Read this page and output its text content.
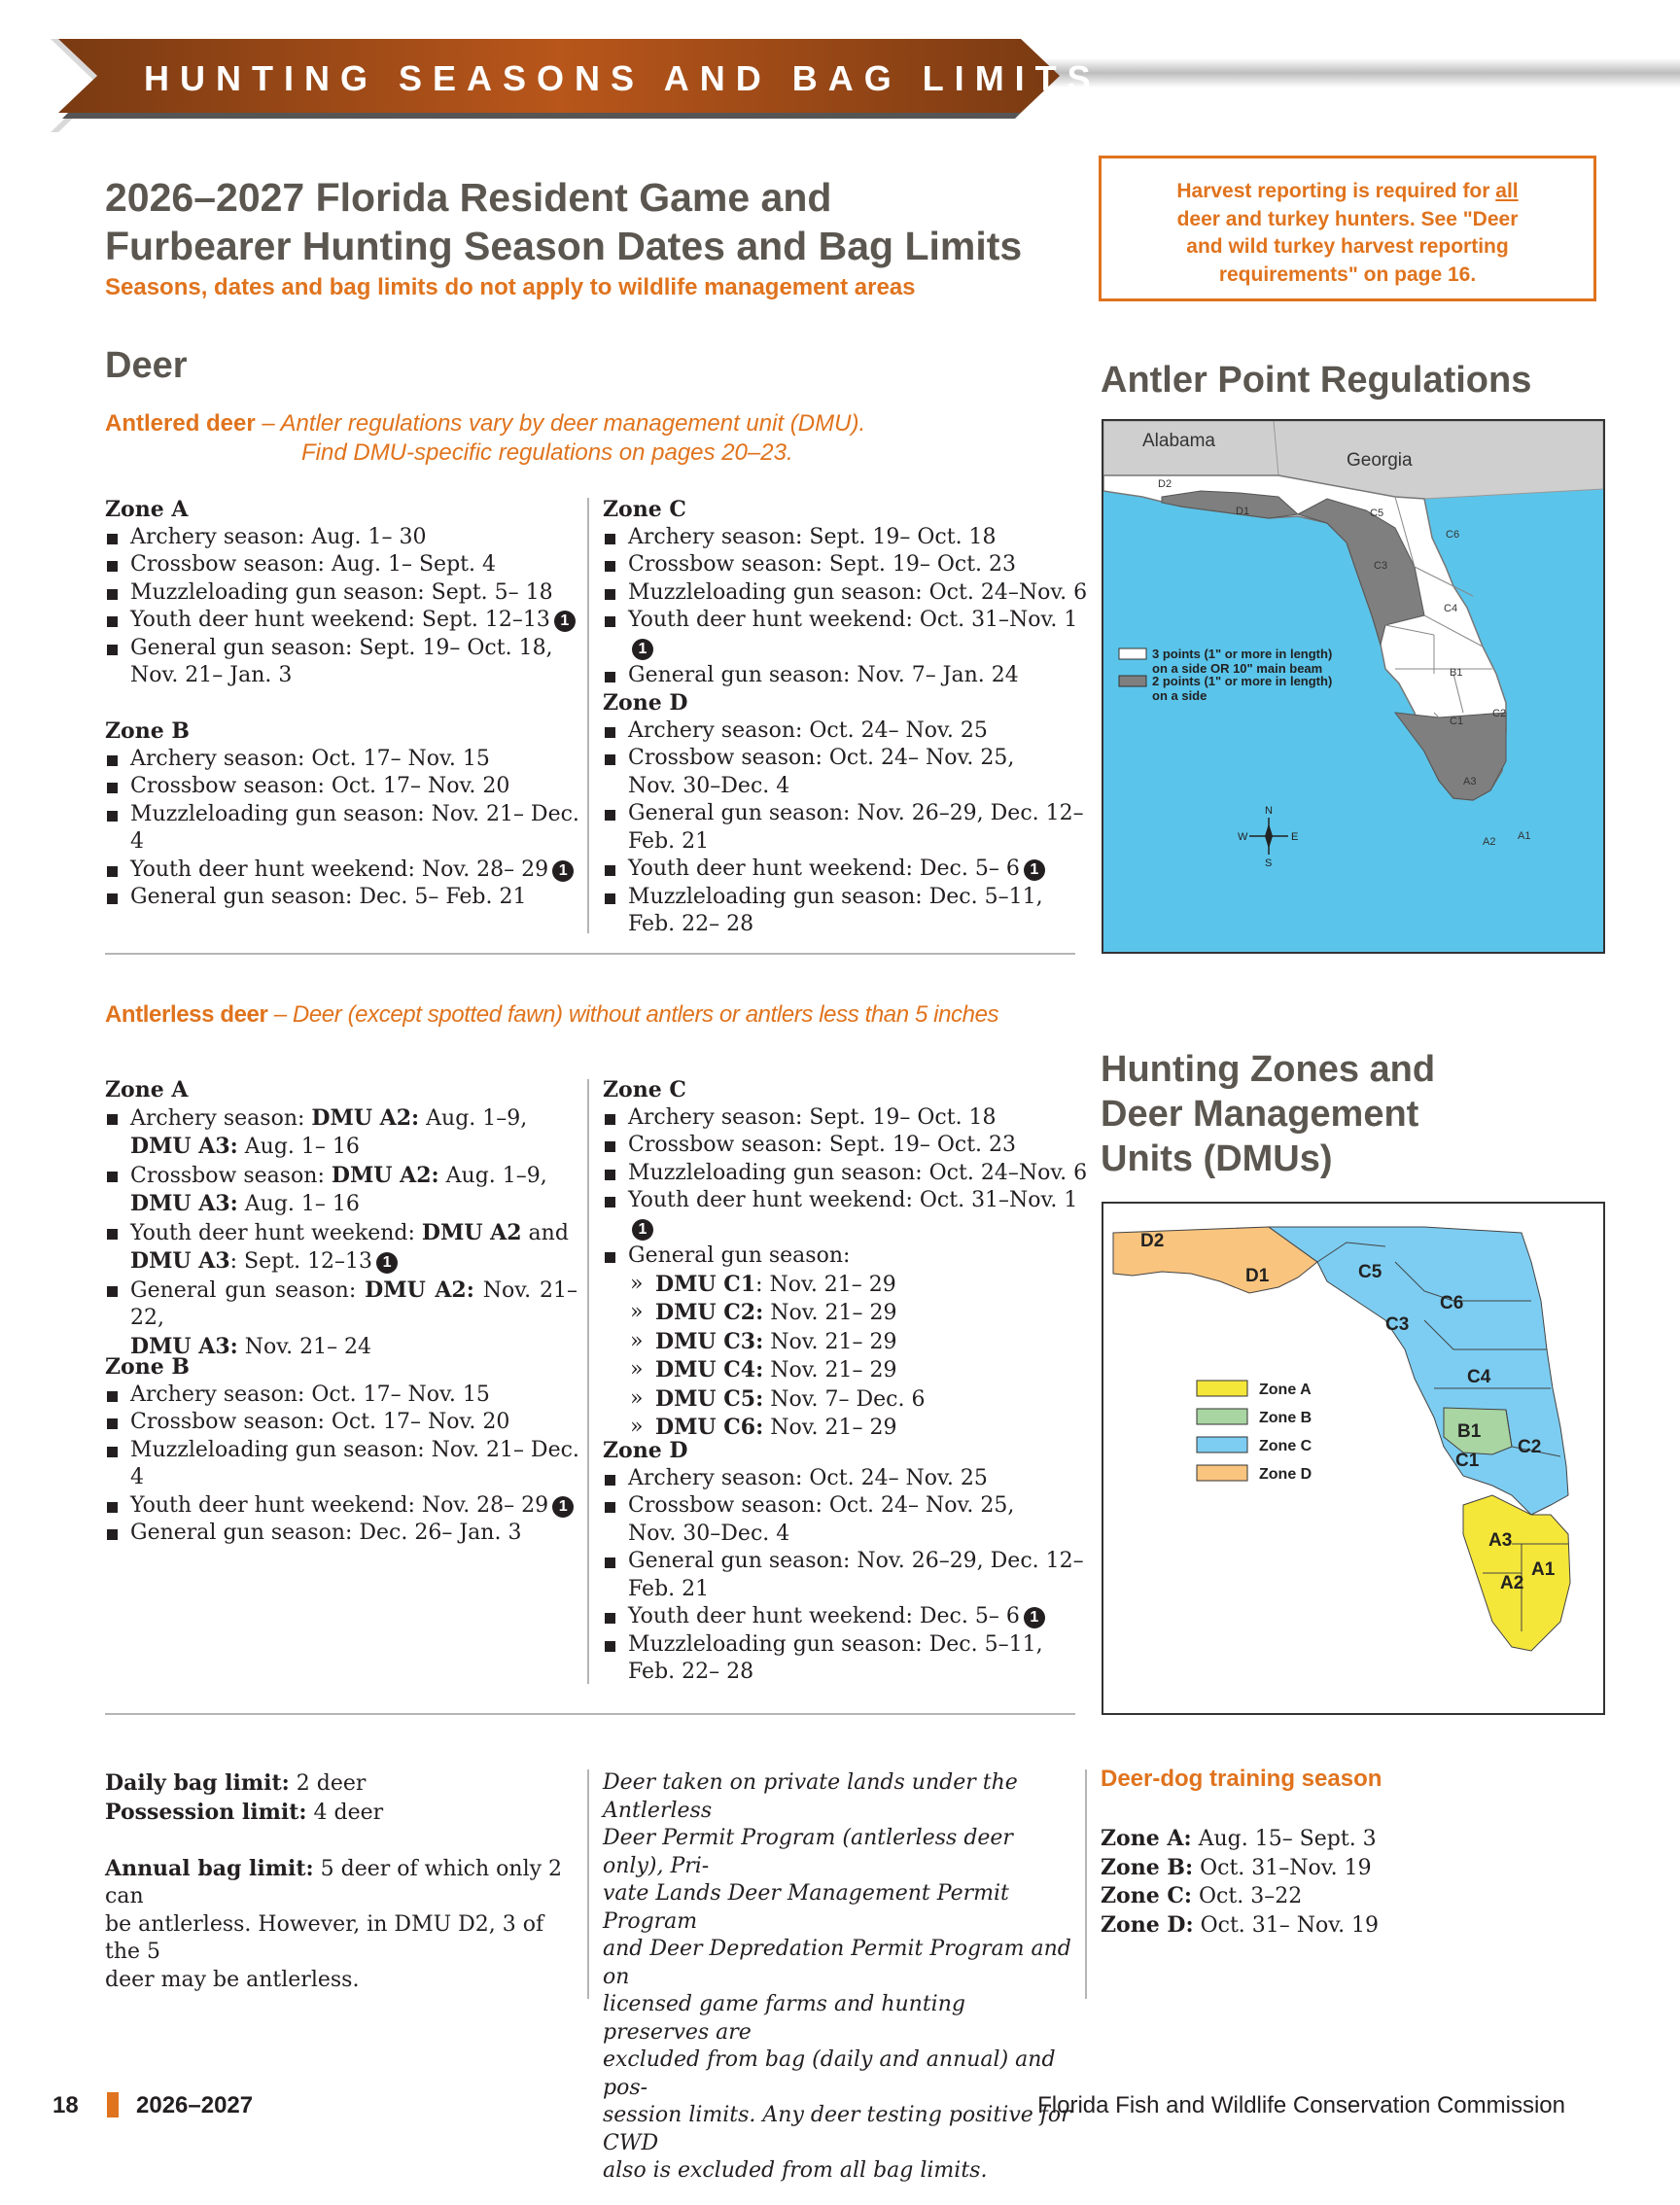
HUNTING SEASONS AND BAG LIMITS
2026–2027 Florida Resident Game and
Furbearer Hunting Season Dates and Bag Limits
Seasons, dates and bag limits do not apply to wildlife management areas
Harvest reporting is required for all
deer and turkey hunters. See "Deer
and wild turkey harvest reporting
requirements" on page 16.
Deer
Antlered deer – Antler regulations vary by deer management unit (DMU).
Find DMU-specific regulations on pages 20–23.
Zone A
Archery season: Aug. 1– 30
Crossbow season: Aug. 1– Sept. 4
Muzzleloading gun season: Sept. 5– 18
Youth deer hunt weekend: Sept. 12–13 1
General gun season: Sept. 19– Oct. 18,
Nov. 21– Jan. 3
Zone B
Archery season: Oct. 17– Nov. 15
Crossbow season: Oct. 17– Nov. 20
Muzzleloading gun season: Nov. 21– Dec. 4
Youth deer hunt weekend: Nov. 28– 29 1
General gun season: Dec. 5– Feb. 21
Zone C
Archery season: Sept. 19– Oct. 18
Crossbow season: Sept. 19– Oct. 23
Muzzleloading gun season: Oct. 24–Nov. 6
Youth deer hunt weekend: Oct. 31–Nov. 11
General gun season: Nov. 7– Jan. 24
Zone D
Archery season: Oct. 24– Nov. 25
Crossbow season: Oct. 24– Nov. 25,
Nov. 30–Dec. 4
General gun season: Nov. 26–29, Dec. 12–
Feb. 21
Youth deer hunt weekend: Dec. 5– 6 1
Muzzleloading gun season: Dec. 5–11,
Feb. 22– 28
Antlerless deer – Deer (except spotted fawn) without antlers or antlers less than 5 inches
Zone A
Archery season: DMU A2: Aug. 1–9,
DMU A3: Aug. 1– 16
Crossbow season: DMU A2: Aug. 1–9,
DMU A3: Aug. 1– 16
Youth deer hunt weekend: DMU A2 and
DMU A3: Sept. 12–13 1
General gun season: DMU A2: Nov. 21– 22,
DMU A3: Nov. 21– 24
Zone B
Archery season: Oct. 17– Nov. 15
Crossbow season: Oct. 17– Nov. 20
Muzzleloading gun season: Nov. 21– Dec. 4
Youth deer hunt weekend: Nov. 28– 29 1
General gun season: Dec. 26– Jan. 3
Zone C
Archery season: Sept. 19– Oct. 18
Crossbow season: Sept. 19– Oct. 23
Muzzleloading gun season: Oct. 24–Nov. 6
Youth deer hunt weekend: Oct. 31–Nov. 11
General gun season:
» DMU C1: Nov. 21– 29
» DMU C2: Nov. 21– 29
» DMU C3: Nov. 21– 29
» DMU C4: Nov. 21– 29
» DMU C5: Nov. 7– Dec. 6
» DMU C6: Nov. 21– 29
Zone D
Archery season: Oct. 24– Nov. 25
Crossbow season: Oct. 24– Nov. 25,
Nov. 30–Dec. 4
General gun season: Nov. 26–29, Dec. 12–
Feb. 21
Youth deer hunt weekend: Dec. 5– 6 1
Muzzleloading gun season: Dec. 5–11,
Feb. 22– 28
Daily bag limit: 2 deer
Possession limit: 4 deer
Annual bag limit: 5 deer of which only 2 can
be antlerless. However, in DMU D2, 3 of the 5
deer may be antlerless.
Deer taken on private lands under the Antlerless
Deer Permit Program (antlerless deer only), Pri-
vate Lands Deer Management Permit Program
and Deer Depredation Permit Program and on
licensed game farms and hunting preserves are
excluded from bag (daily and annual) and pos-
session limits. Any deer testing positive for CWD
also is excluded from all bag limits.
Deer-dog training season
Zone A: Aug. 15– Sept. 3
Zone B: Oct. 31–Nov. 19
Zone C: Oct. 3–22
Zone D: Oct. 31– Nov. 19
Antler Point Regulations
Alabama
Georgia
D2
D1	C5
C6
C3
C4
B1
C2
C1
A3
A2 A1
3 points (1" or more in length)
on a side OR 10" main beam
2 points (1" or more in length)
on a side
N
S
W	E
Hunting Zones and
Deer Management
Units (DMUs)
D2
D1	C5
C6
C3
C4
B1
C2
C1
A3
A1
A2
Zone A
Zone B
Zone C
Zone D
18 2026–2027	Florida Fish and Wildlife Conservation Commission
